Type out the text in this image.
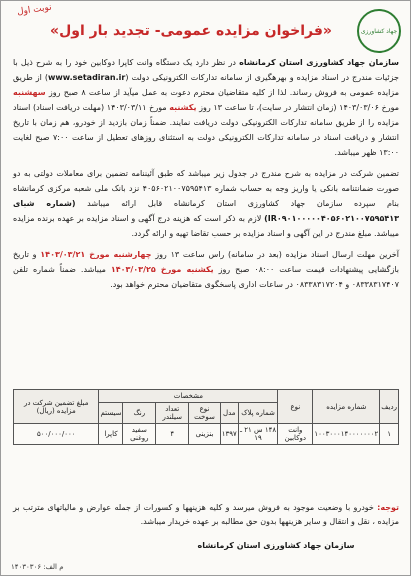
نوبت اول
جهاد کشاورزی
«فراخوان مزایده عمومی- تجدید بار اول»

سازمان جهاد کشاورزی استان کرمانشاه در نظر دارد یک دستگاه وانت کاپرا دوکابین خود را به شرح ذیل با جزئیات مندرج در اسناد مزایده و بهرهگیری از سامانه تدارکات الکترونیکی دولت (www.setadiran.ir) از طریق مزایده عمومی به فروش رساند. لذا از کلیه متقاضیان محترم دعوت به عمل میآید از ساعت ۸ صبح روز سهشنبه مورخ ۱۴۰۳/۰۳/۰۶ (زمان انتشار در سایت)، تا ساعت ۱۳ روز یکشنبه مورخ ۱۴۰۳/۰۳/۱۱ (مهلت دریافت اسناد) اسناد مزایده را از طریق سامانه تدارکات الکترونیکی دولت دریافت نمایند. ضمناً زمان بازدید از خودرو، هم زمان با تاریخ انتشار و دریافت اسناد در سامانه تدارکات الکترونیکی دولت به استثنای روزهای تعطیل از ساعت ۷:۰۰ صبح لغایت ۱۳:۰۰ ظهر میباشد.

تضمین شرکت در مزایده به شرح مندرج در جدول زیر میباشد که طبق آئیننامه تضمین برای معاملات دولتی به دو صورت ضمانتنامه بانکی یا واریز وجه به حساب شماره ۴۰۵۶۰۲۱۰۰۷۵۹۵۴۱۳ نزد بانک ملی شعبه مرکزی کرمانشاه بنام سپرده سازمان جهاد کشاورزی استان کرمانشاه قابل ارائه میباشد (شماره شبای IR۰۹۰۱۰۰۰۰۰۴۰۵۶۰۲۱۰۰۷۵۹۵۴۱۳) لازم به ذکر است که هزینه درج آگهی و اسناد مزایده بر عهده برنده مزایده میباشد. مبلغ مندرج در این آگهی و اسناد مزایده بر حسب تقاضا تهیه و ارائه گردد.

آخرین مهلت ارسال اسناد مزایده (بعد در سامانه) راس ساعت ۱۳ روز چهارشنبه مورخ ۱۴۰۳/۰۳/۲۱ و تاریخ بازگشایی پیشنهادات قیمت ساعت ۰۸:۰۰ صبح روز یکشنبه مورخ ۱۴۰۳/۰۳/۲۵ میباشد. ضمناً شماره تلفن ۰۸۳۳۸۳۱۷۴۰۷ و ۰۸۳۳۸۳۱۷۲۰۴ در ساعات اداری پاسخگوی متقاضیان محترم خواهد بود.

ردیف	شماره مزایده	نوع	مشخصات						مبلغ تضمین شرکت در مزایده (ریال)
			شماره پلاک	مدل	نوع سوخت	تعداد سیلندر	رنگ	سیستم	
۱	۱۰۰۳۰۰۰۱۴۰۰۰۰۰۰۰۲	وانت دوکابین	۱۴۸ س ۲۱ ـ ۱۹	۱۳۹۷	بنزینی	۴	سفید روغنی	کاپرا	۵۰۰/۰۰۰/۰۰۰
توجه: خودرو با وضعیت موجود به فروش میرسد و کلیه هزینهها و کسورات از جمله عوارض و مالیاتهای مترتب بر مزایده ، نقل و انتقال و سایر هزینهها بدون حق مطالبه بر عهده خریدار میباشد.
سازمان جهاد کشاورزی استان کرمانشاه
م الف: ۱۴۰۳۰۳۰۶
